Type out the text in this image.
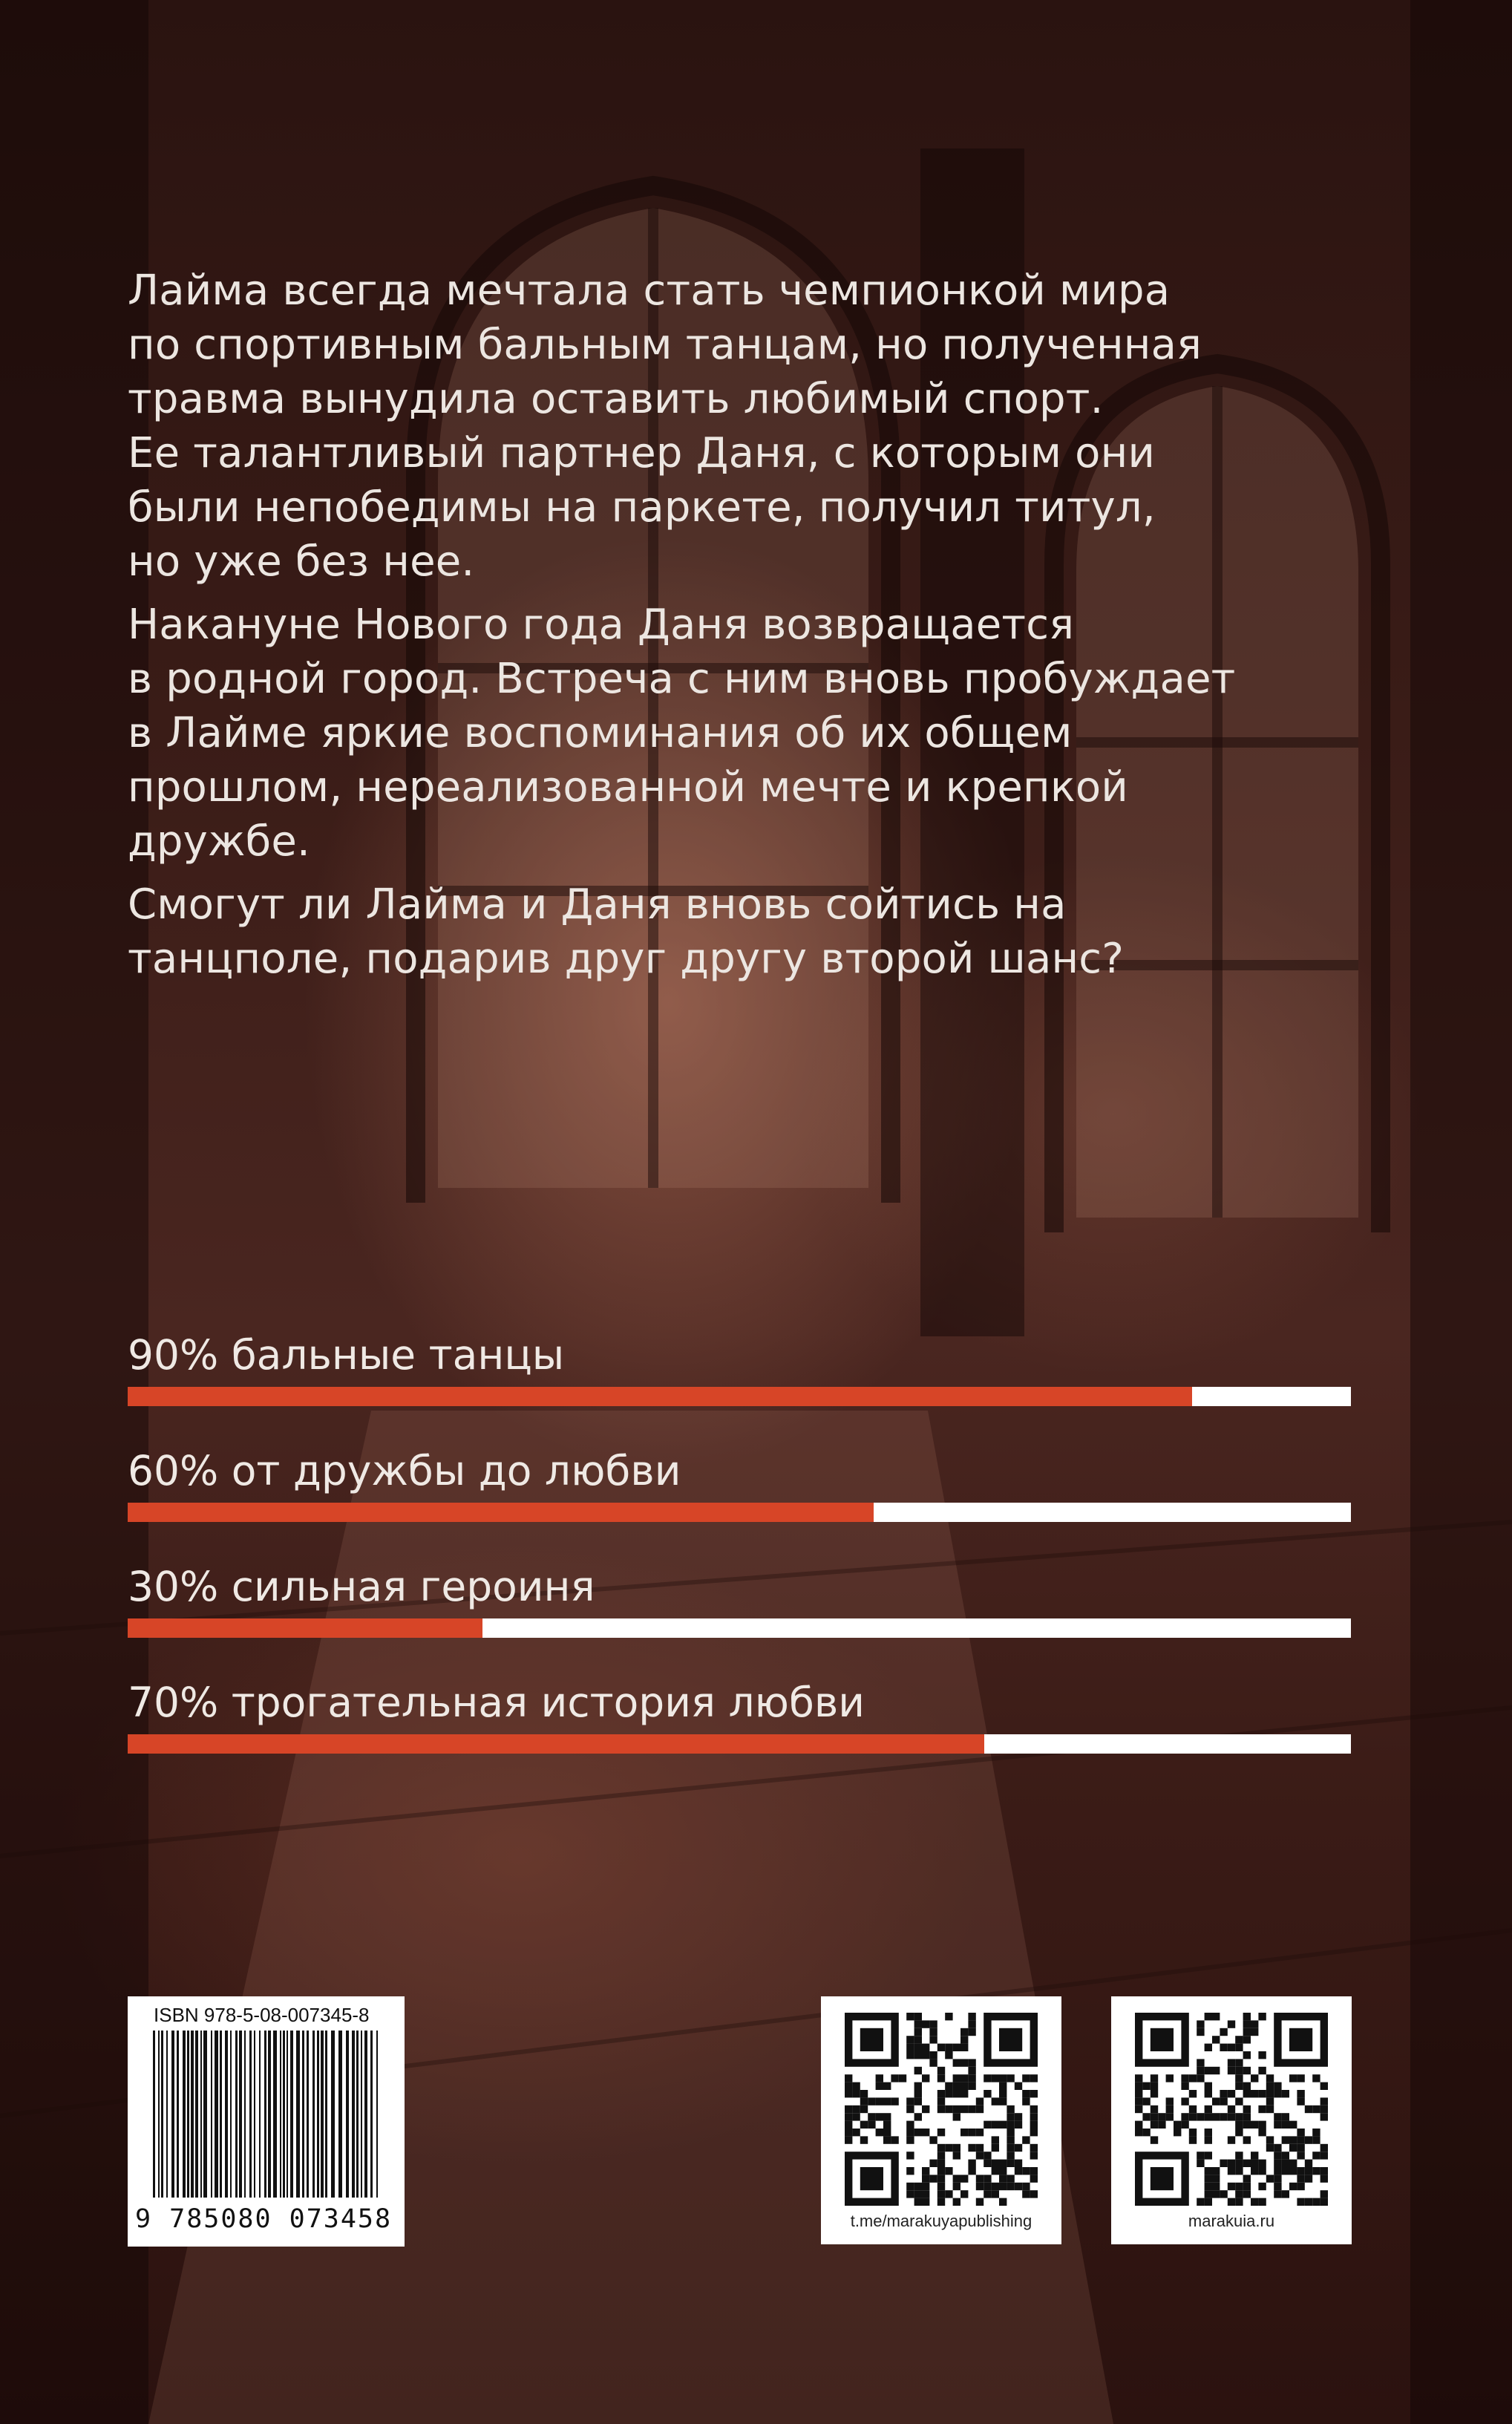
Лайма всегда мечтала стать чемпионкой мира
по спортивным бальным танцам, но полученная
травма вынудила оставить любимый спорт.
Ее талантливый партнер Даня, с которым они
были непобедимы на паркете, получил титул,
но уже без нее.

Накануне Нового года Даня возвращается
в родной город. Встреча с ним вновь пробуждает
в Лайме яркие воспоминания об их общем
прошлом, нереализованной мечте и крепкой
дружбе.

Смогут ли Лайма и Даня вновь сойтись на
танцполе, подарив друг другу второй шанс?

90% бальные танцы
60% от дружбы до любви
30% сильная героиня
70% трогательная история любви
ISBN 978-5-08-007345-8
9 785080 073458	t.me/marakuyapublishing	marakuia.ru
